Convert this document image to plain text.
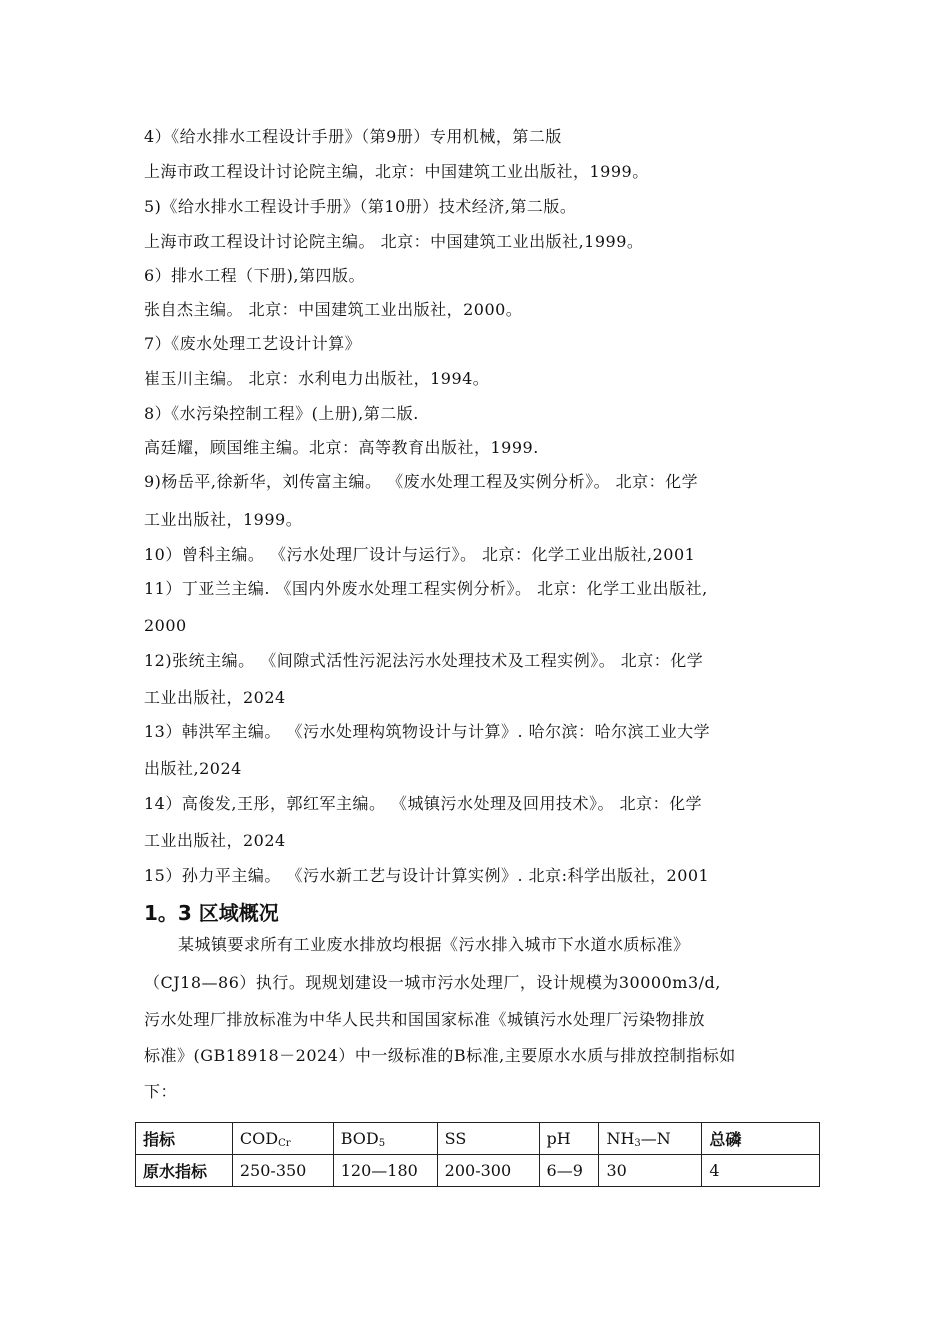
4）《给水排水工程设计手册》（第9册）专用机械，第二版
上海市政工程设计讨论院主编，北京：中国建筑工业出版社，1999。
5)《给水排水工程设计手册》（第10册）技术经济,第二版。
上海市政工程设计讨论院主编。 北京：中国建筑工业出版社,1999。
6）排水工程（下册),第四版。
张自杰主编。 北京：中国建筑工业出版社，2000。
7）《废水处理工艺设计计算》
崔玉川主编。 北京：水利电力出版社，1994。
8）《水污染控制工程》(上册),第二版.
高廷耀，顾国维主编。北京：高等教育出版社，1999.
9)杨岳平,徐新华，刘传富主编。 《废水处理工程及实例分析》。 北京：化学
工业出版社，1999。
10）曾科主编。 《污水处理厂设计与运行》。 北京：化学工业出版社,2001
11）丁亚兰主编. 《国内外废水处理工程实例分析》。 北京：化学工业出版社,
2000
12)张统主编。 《间隙式活性污泥法污水处理技术及工程实例》。 北京：化学
工业出版社，2024
13）韩洪军主编。 《污水处理构筑物设计与计算》. 哈尔滨：哈尔滨工业大学
出版社,2024
14）高俊发,王彤，郭红军主编。 《城镇污水处理及回用技术》。 北京：化学
工业出版社，2024
15）孙力平主编。 《污水新工艺与设计计算实例》. 北京:科学出版社，2001
1。3 区域概况
某城镇要求所有工业废水排放均根据《污水排入城市下水道水质标准》
（CJ18—86）执行。现规划建设一城市污水处理厂，设计规模为30000m3/d,
污水处理厂排放标准为中华人民共和国国家标准《城镇污水处理厂污染物排放
标准》(GB18918－2024）中一级标准的B标准,主要原水水质与排放控制指标如
下：
指标	$COD_{Cr}$	$BOD_5$	SS	pH	$NH_3—N$	总磷
原水指标	250-350	120—180	200-300	6—9	30	4
